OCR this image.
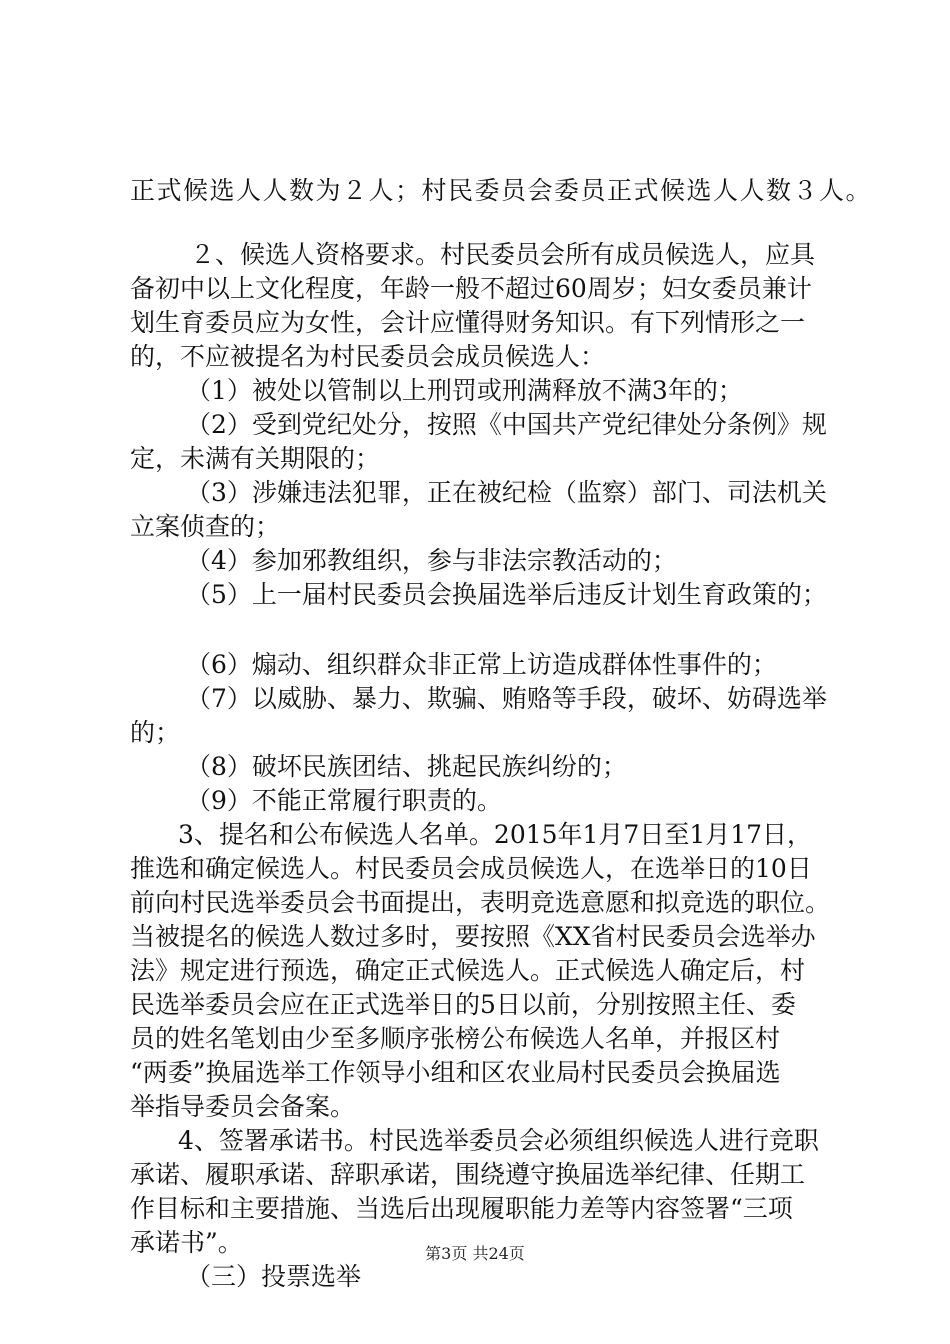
正式候选人人数为２人；村民委员会委员正式候选人人数３人。
２、候选人资格要求。村民委员会所有成员候选人，应具
备初中以上文化程度，年龄一般不超过60周岁；妇女委员兼计
划生育委员应为女性，会计应懂得财务知识。有下列情形之一
的，不应被提名为村民委员会成员候选人：
（1）被处以管制以上刑罚或刑满释放不满3年的；
（2）受到党纪处分，按照《中国共产党纪律处分条例》规
定，未满有关期限的；
（3）涉嫌违法犯罪，正在被纪检（监察）部门、司法机关
立案侦查的；
（4）参加邪教组织，参与非法宗教活动的；
（5）上一届村民委员会换届选举后违反计划生育政策的；
（6）煽动、组织群众非正常上访造成群体性事件的；
（7）以威胁、暴力、欺骗、贿赂等手段，破坏、妨碍选举
的；
（8）破坏民族团结、挑起民族纠纷的；
（9）不能正常履行职责的。
3、提名和公布候选人名单。2015年1月7日至1月17日，
推选和确定候选人。村民委员会成员候选人，在选举日的10日
前向村民选举委员会书面提出，表明竞选意愿和拟竞选的职位。
当被提名的候选人数过多时，要按照《XX省村民委员会选举办
法》规定进行预选，确定正式候选人。正式候选人确定后，村
民选举委员会应在正式选举日的5日以前，分别按照主任、委
员的姓名笔划由少至多顺序张榜公布候选人名单，并报区村
“两委”换届选举工作领导小组和区农业局村民委员会换届选
举指导委员会备案。
4、签署承诺书。村民选举委员会必须组织候选人进行竞职
承诺、履职承诺、辞职承诺，围绕遵守换届选举纪律、任期工
作目标和主要措施、当选后出现履职能力差等内容签署“三项
承诺书”。
（三）投票选举
第3页 共24页
